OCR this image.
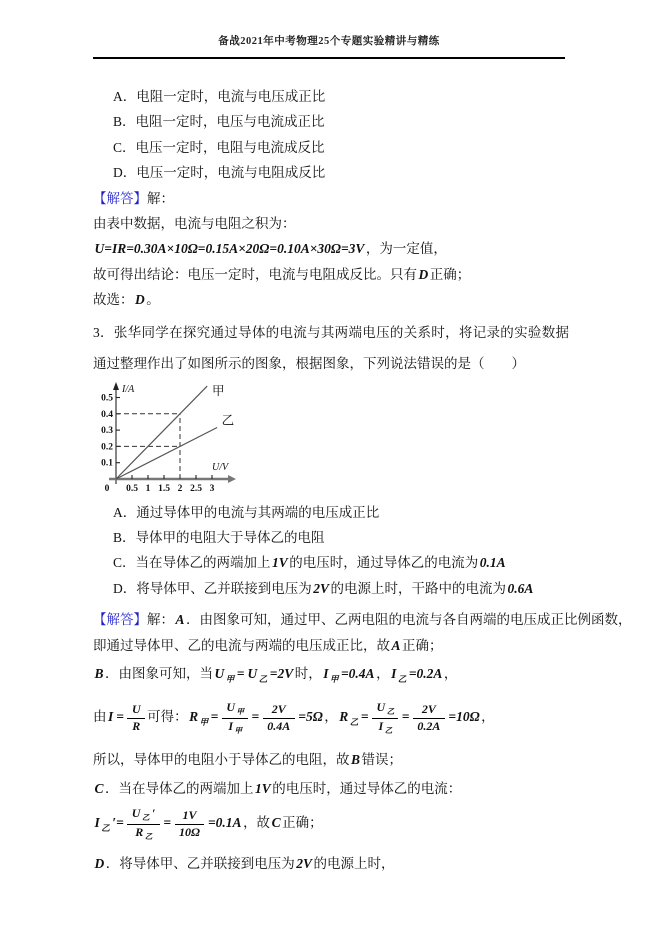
备战2021年中考物理25个专题实验精讲与精练
A．电阻一定时，电流与电压成正比
B．电阻一定时，电压与电流成正比
C．电压一定时，电阻与电流成反比
D．电压一定时，电流与电阻成反比
【解答】解：
由表中数据，电流与电阻之积为：
U=IR=0.30A×10Ω=0.15A×20Ω=0.10A×30Ω=3V ，为一定值，
故可得出结论：电压一定时，电流与电阻成反比。只有 D 正确；
故选： D 。

3．张华同学在探究通过导体的电流与其两端电压的关系时，将记录的实验数据通过整理作出了如图所示的图象，根据图象，下列说法错误的是（　　）

0.5 1 1.5 2 2.5 3
0.1
0.2
0.3
0.4
0.5
0
I/A
U/V
甲
乙
A．通过导体甲的电流与其两端的电压成正比
B．导体甲的电阻大于导体乙的电阻
C．当在导体乙的两端加上 1V 的电压时，通过导体乙的电流为 0.1A
D．将导体甲、乙并联接到电压为 2V 的电源上时，干路中的电流为 0.6A
【解答】解： A ．由图象可知，通过甲、乙两电阻的电流与各自两端的电压成正比例函数，
即通过导体甲、乙的电流与两端的电压成正比，故 A 正确；
B ．由图象可知，当 U $_甲$ = U $_乙$ =2V 时， I $_甲$ =0.4A ， I $_乙$ =0.2A ，
由 $I = \frac{U}{R}$ 可得： R $_甲 = \frac{U _甲}{I _甲} = \frac{2V}{0.4A} =5\Omega$ ， R $_乙 = \frac{U _乙}{I _乙} = \frac{2V}{0.2A} =10\Omega$ ，
所以，导体甲的电阻小于导体乙的电阻，故 B 错误；
C ．当在导体乙的两端加上 1V 的电压时，通过导体乙的电流：
I $_乙$ ′= $\frac{U _乙 '}{R _乙} = \frac{1V}{10\Omega} =0.1A$ ，故 C 正确；
D ．将导体甲、乙并联接到电压为 2V 的电源上时，
